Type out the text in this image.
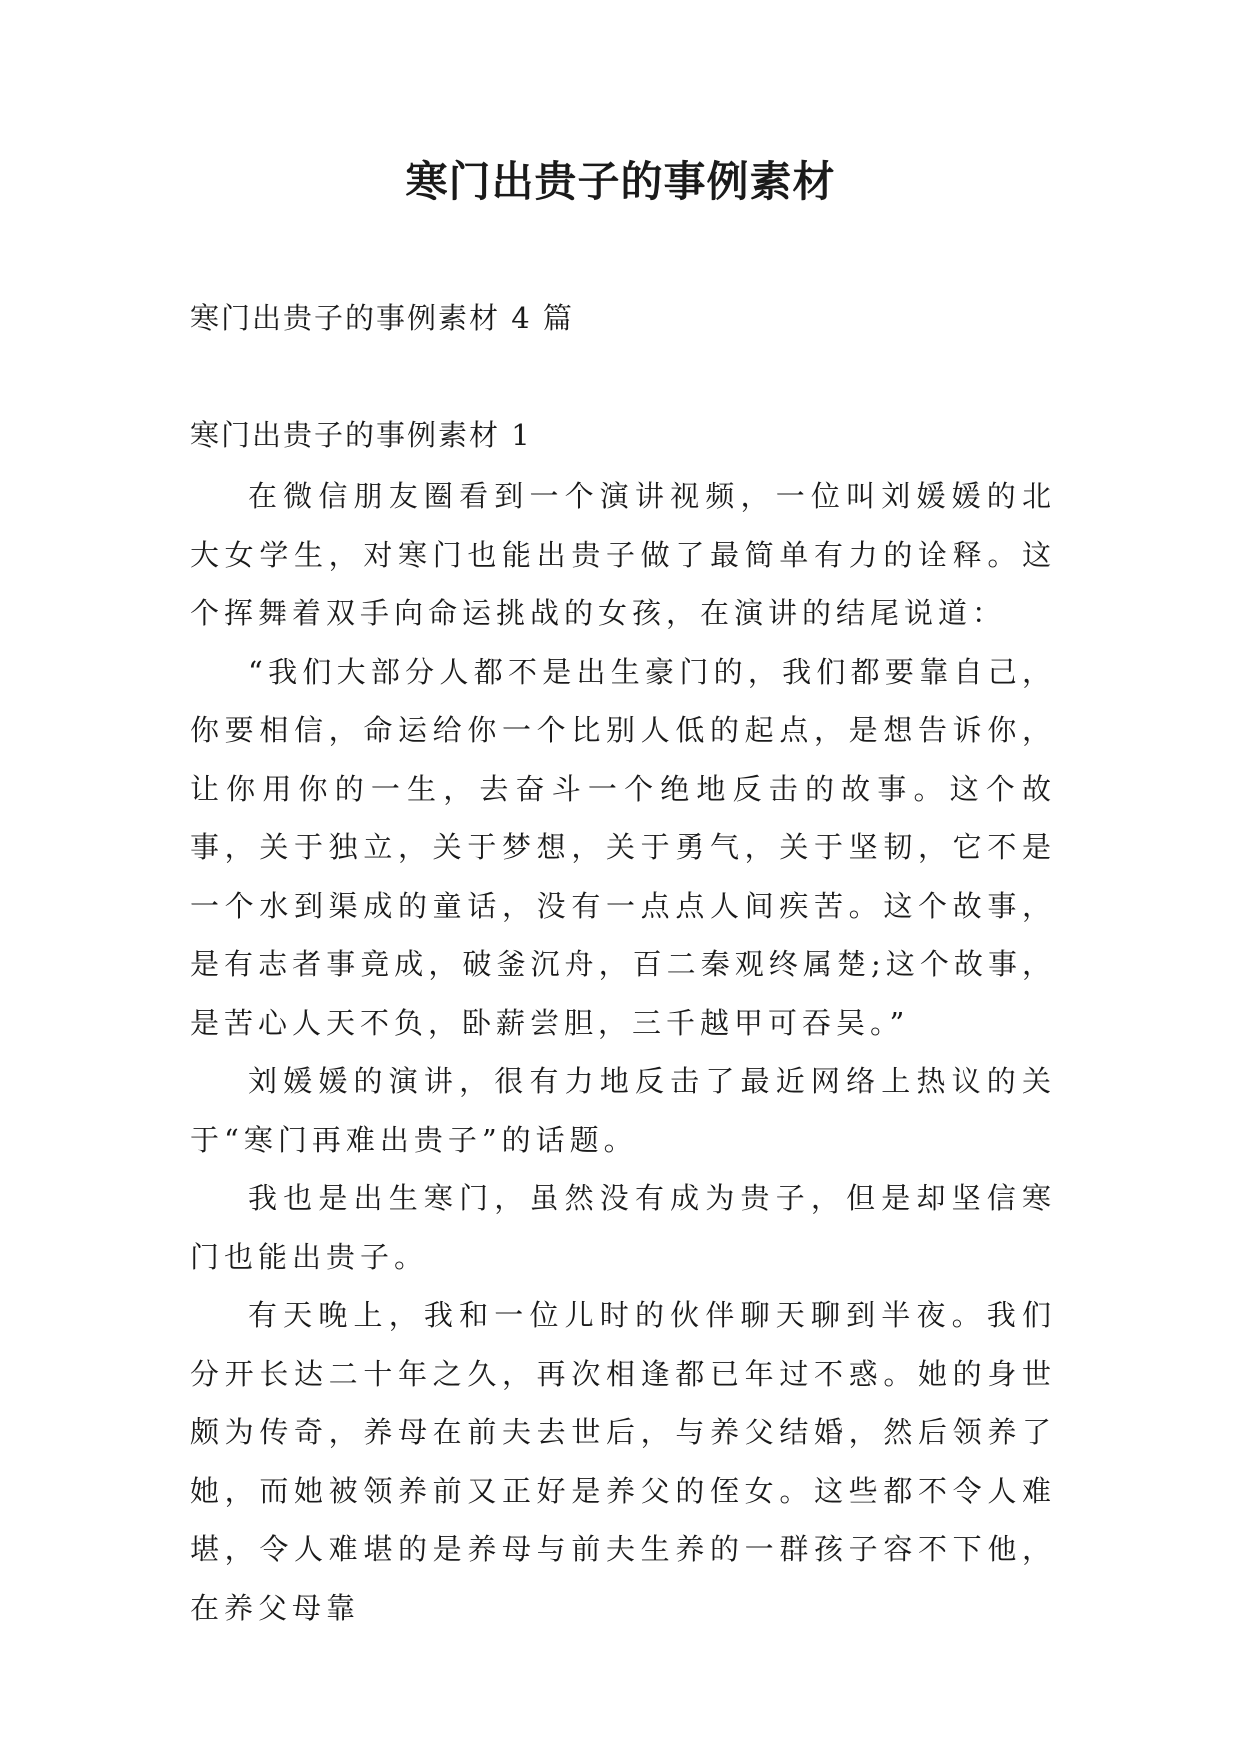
寒门出贵子的事例素材

寒门出贵子的事例素材 4 篇

寒门出贵子的事例素材 1

在微信朋友圈看到一个演讲视频，一位叫刘媛媛的北大女学生，对寒门也能出贵子做了最简单有力的诠释。这个挥舞着双手向命运挑战的女孩，在演讲的结尾说道：

“我们大部分人都不是出生豪门的，我们都要靠自己，你要相信，命运给你一个比别人低的起点，是想告诉你，让你用你的一生，去奋斗一个绝地反击的故事。这个故事，关于独立，关于梦想，关于勇气，关于坚韧，它不是一个水到渠成的童话，没有一点点人间疾苦。这个故事，是有志者事竟成，破釜沉舟，百二秦观终属楚;这个故事，是苦心人天不负，卧薪尝胆，三千越甲可吞吴。”

刘媛媛的演讲，很有力地反击了最近网络上热议的关于“寒门再难出贵子”的话题。

我也是出生寒门，虽然没有成为贵子，但是却坚信寒门也能出贵子。

有天晚上，我和一位儿时的伙伴聊天聊到半夜。我们分开长达二十年之久，再次相逢都已年过不惑。她的身世颇为传奇，养母在前夫去世后，与养父结婚，然后领养了她，而她被领养前又正好是养父的侄女。这些都不令人难堪，令人难堪的是养母与前夫生养的一群孩子容不下他，在养父母靠
